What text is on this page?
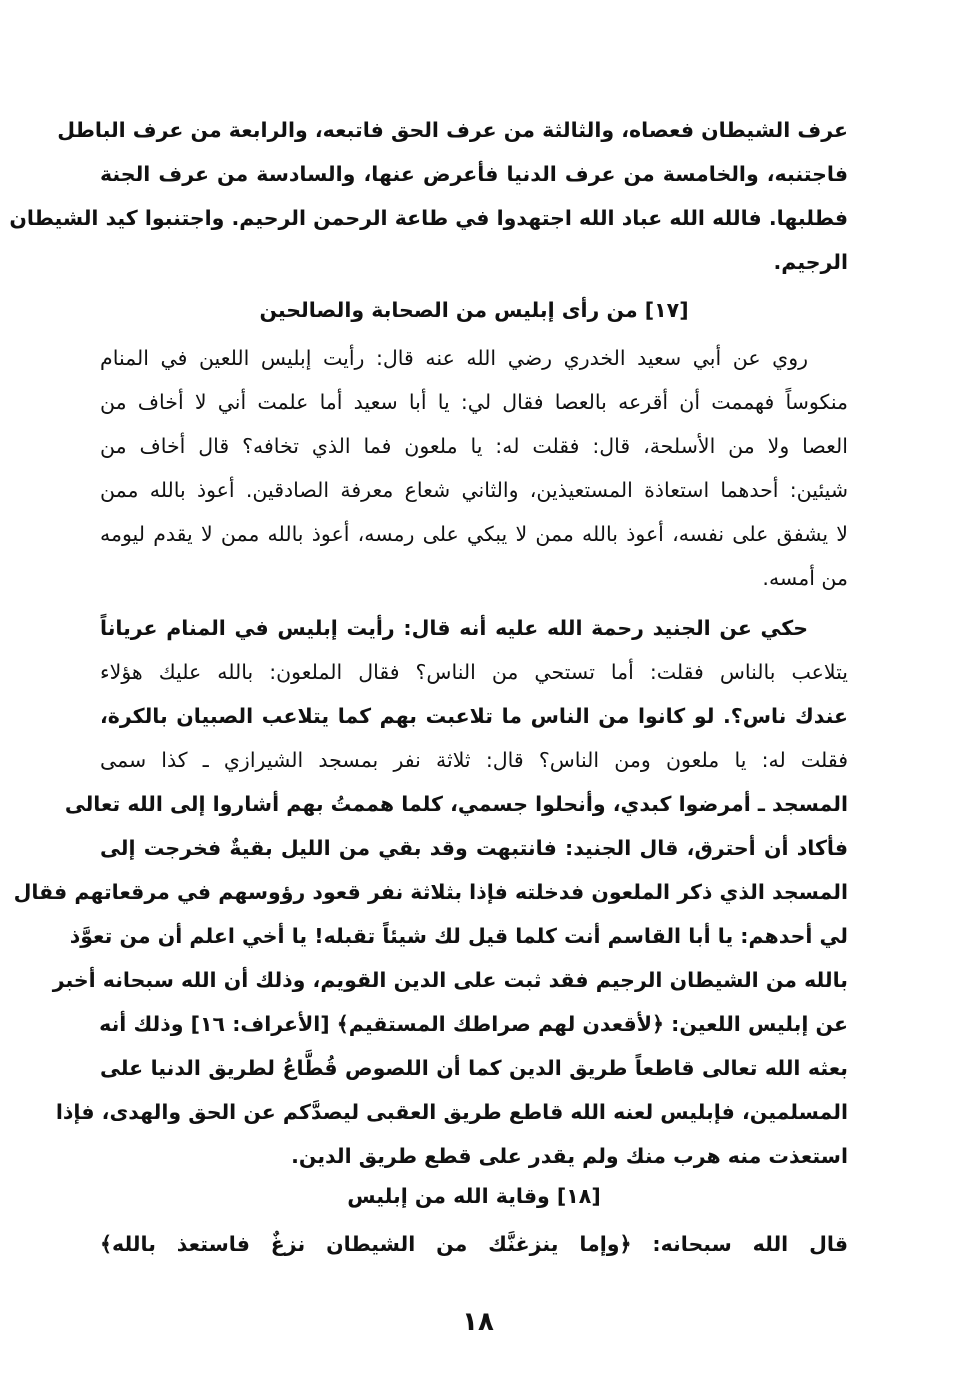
عرف الشيطان فعصاه، والثالثة من عرف الحق فاتبعه، والرابعة من عرف الباطل
فاجتنبه، والخامسة من عرف الدنيا فأعرض عنها، والسادسة من عرف الجنة
فطلبها. فالله الله عباد الله اجتهدوا في طاعة الرحمن الرحيم. واجتنبوا كيد الشيطان
الرجيم.
[١٧] من رأى إبليس من الصحابة والصالحين
روي عن أبي سعيد الخدري رضي الله عنه قال: رأيت إبليس اللعين في المنام
منكوساً فهممت أن أقرعه بالعصا فقال لي: يا أبا سعيد أما علمت أني لا أخاف من
العصا ولا من الأسلحة، قال: فقلت له: يا ملعون فما الذي تخافه؟ قال أخاف من
شيئين: أحدهما استعاذة المستعيذين، والثاني شعاع معرفة الصادقين. أعوذ بالله ممن
لا يشفق على نفسه، أعوذ بالله ممن لا يبكي على رمسه، أعوذ بالله ممن لا يقدم ليومه
من أمسه.
حكي عن الجنيد رحمة الله عليه أنه قال: رأيت إبليس في المنام عرياناً
يتلاعب بالناس فقلت: أما تستحي من الناس؟ فقال الملعون: بالله عليك هؤلاء
عندك ناس؟. لو كانوا من الناس ما تلاعبت بهم كما يتلاعب الصبيان بالكرة،
فقلت له: يا ملعون ومن الناس؟ قال: ثلاثة نفر بمسجد الشيرازي ـ كذا سمى
المسجد ـ أمرضوا كبدي، وأنحلوا جسمي، كلما هممتُ بهم أشاروا إلى الله تعالى
فأكاد أن أحترق، قال الجنيد: فانتبهت وقد بقي من الليل بقيةٌ فخرجت إلى
المسجد الذي ذكر الملعون فدخلته فإذا بثلاثة نفر قعود رؤوسهم في مرقعاتهم فقال
لي أحدهم: يا أبا القاسم أنت كلما قيل لك شيئاً تقبله! يا أخي اعلم أن من تعوَّذ
بالله من الشيطان الرجيم فقد ثبت على الدين القويم، وذلك أن الله سبحانه أخبر
عن إبليس اللعين: ﴿لأقعدن لهم صراطك المستقيم﴾ [الأعراف: ١٦] وذلك أنه
بعثه الله تعالى قاطعاً طريق الدين كما أن اللصوص قُطَّاعُ لطريق الدنيا على
المسلمين، فإبليس لعنه الله قاطع طريق العقبى ليصدَّكم عن الحق والهدى، فإذا
استعذت منه هرب منك ولم يقدر على قطع طريق الدين.
[١٨] وقاية الله من إبليس
قال الله سبحانه: ﴿وإما ينزغنَّك من الشيطان نزغٌ فاستعذ بالله﴾
١٨
